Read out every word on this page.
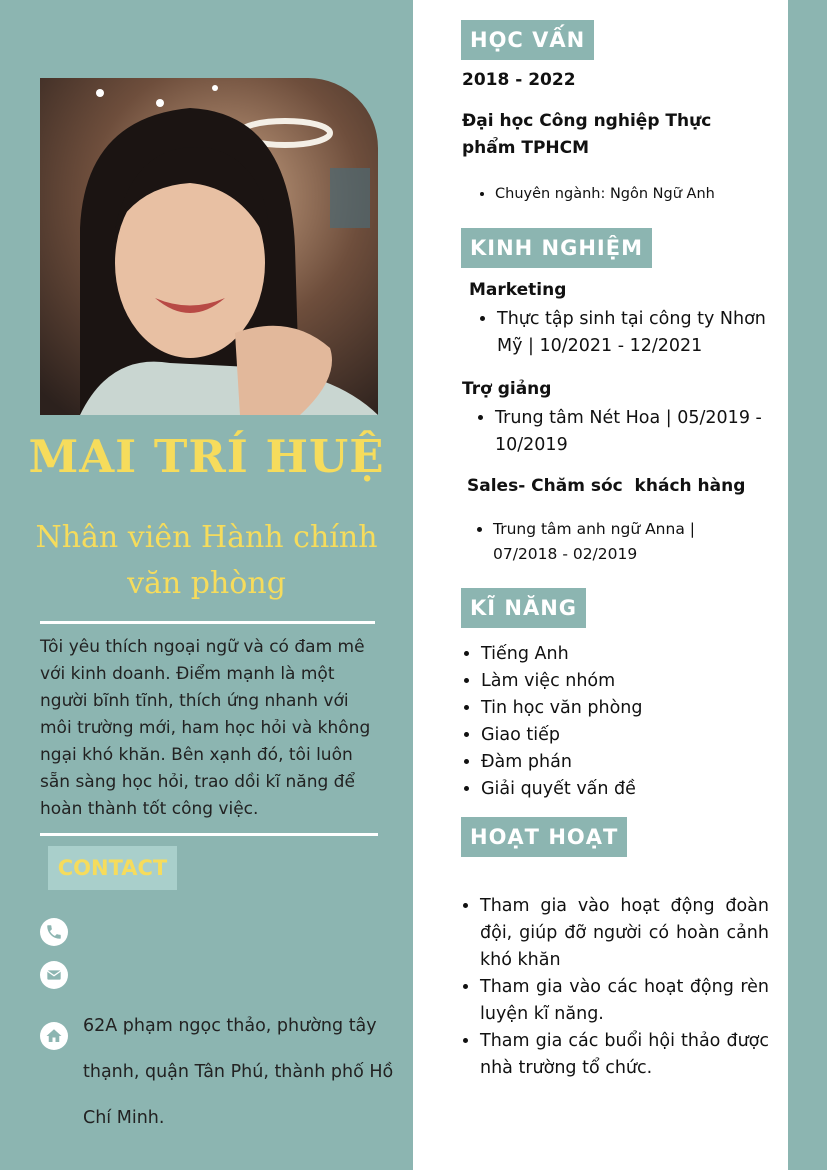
MAI TRÍ HUỆ
Nhân viên Hành chính văn phòng
Tôi yêu thích ngoại ngữ và có đam mê với kinh doanh. Điểm mạnh là một người bĩnh tĩnh, thích ứng nhanh với môi trường mới, ham học hỏi và không ngại khó khăn. Bên xạnh đó, tôi luôn sẵn sàng học hỏi, trao dồi kĩ năng để hoàn thành tốt công việc.
CONTACT
62A phạm ngọc thảo, phường tây thạnh, quận Tân Phú, thành phố Hồ Chí Minh.
HỌC VẤN
2018 - 2022
Đại học Công nghiệp Thực phẩm TPHCM
• Chuyên ngành: Ngôn Ngữ Anh
KINH NGHIỆM
Marketing
• Thực tập sinh tại công ty Nhơn Mỹ | 10/2021 - 12/2021
Trợ giảng
• Trung tâm Nét Hoa | 05/2019 - 10/2019
Sales- Chăm sóc  khách hàng
• Trung tâm anh ngữ Anna | 07/2018 - 02/2019
KĨ NĂNG
• Tiếng Anh
• Làm việc nhóm
• Tin học văn phòng
• Giao tiếp
• Đàm phán
• Giải quyết vấn đề
HOẠT HOẠT
• Tham gia vào hoạt động đoàn đội, giúp đỡ người có hoàn cảnh khó khăn
• Tham gia vào các hoạt động rèn luyện kĩ năng.
• Tham gia các buổi hội thảo được nhà trường tổ chức.
